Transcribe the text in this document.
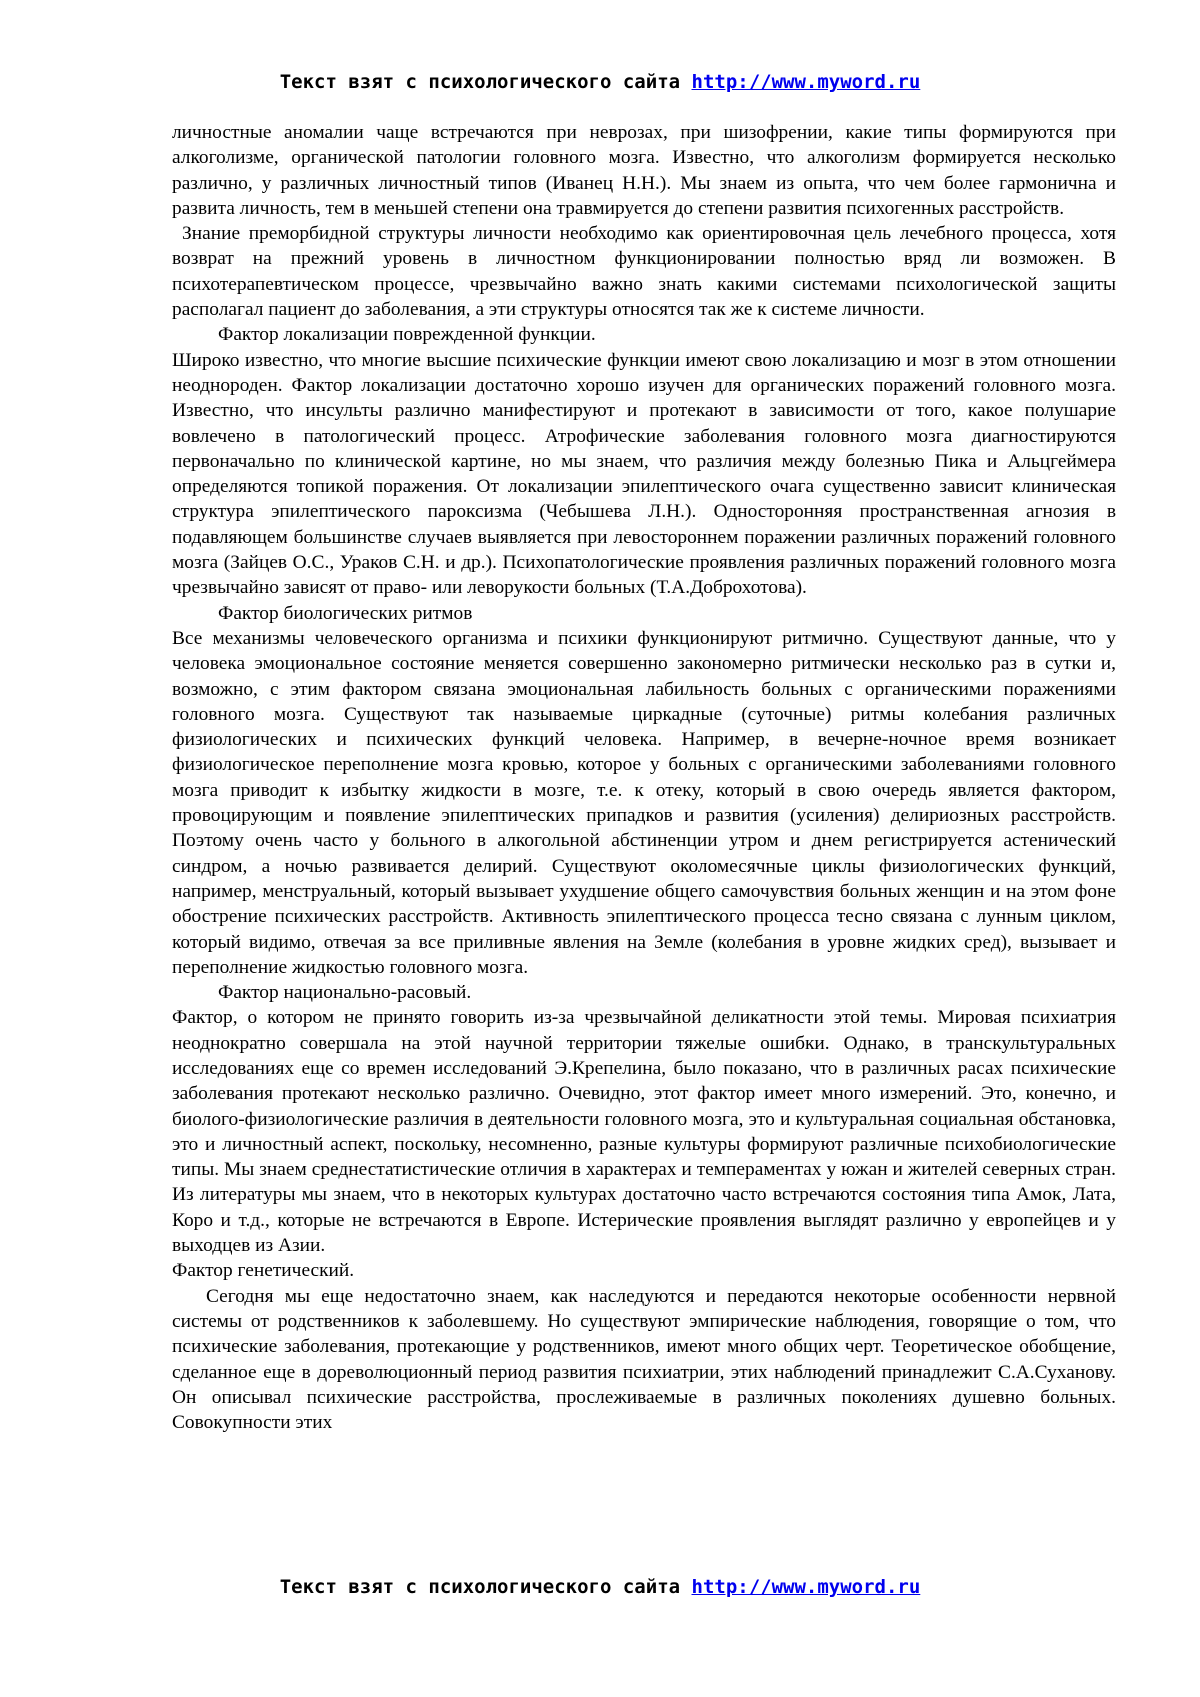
Текст взят с психологического сайта http://www.myword.ru

личностные аномалии чаще встречаются при неврозах, при шизофрении, какие типы формируются при алкоголизме, органической патологии головного мозга. Известно, что алкоголизм формируется несколько различно, у различных личностный типов (Иванец Н.Н.). Мы знаем из опыта, что чем более гармонична и развита личность, тем в меньшей степени она травмируется до степени развития психогенных расстройств.

Знание преморбидной структуры личности необходимо как ориентировочная цель лечебного процесса, хотя возврат на прежний уровень в личностном функционировании полностью вряд ли возможен. В психотерапевтическом процессе, чрезвычайно важно знать какими системами психологической защиты располагал пациент до заболевания, а эти структуры относятся так же к системе личности.

Фактор локализации поврежденной функции.

Широко известно, что многие высшие психические функции имеют свою локализацию и мозг в этом отношении неоднороден. Фактор локализации достаточно хорошо изучен для органических поражений головного мозга. Известно, что инсульты различно манифестируют и протекают в зависимости от того, какое полушарие вовлечено в патологический процесс. Атрофические заболевания головного мозга диагностируются первоначально по клинической картине, но мы знаем, что различия между болезнью Пика и Альцгеймера определяются топикой поражения. От локализации эпилептического очага существенно зависит клиническая структура эпилептического пароксизма (Чебышева Л.Н.). Односторонняя пространственная агнозия в подавляющем большинстве случаев выявляется при левостороннем поражении различных поражений головного мозга (Зайцев О.С., Ураков С.Н. и др.). Психопатологические проявления различных поражений головного мозга чрезвычайно зависят от право- или леворукости больных (Т.А.Доброхотова).

Фактор биологических ритмов

Все механизмы человеческого организма и психики функционируют ритмично. Существуют данные, что у человека эмоциональное состояние меняется совершенно закономерно ритмически несколько раз в сутки и, возможно, с этим фактором связана эмоциональная лабильность больных с органическими поражениями головного мозга. Существуют так называемые циркадные (суточные) ритмы колебания различных физиологических и психических функций человека. Например, в вечерне-ночное время возникает физиологическое переполнение мозга кровью, которое у больных с органическими заболеваниями головного мозга приводит к избытку жидкости в мозге, т.е. к отеку, который в свою очередь является фактором, провоцирующим и появление эпилептических припадков и развития (усиления) делириозных расстройств. Поэтому очень часто у больного в алкогольной абстиненции утром и днем регистрируется астенический синдром, а ночью развивается делирий. Существуют околомесячные циклы физиологических функций, например, менструальный, который вызывает ухудшение общего самочувствия больных женщин и на этом фоне обострение психических расстройств. Активность эпилептического процесса тесно связана с лунным циклом, который видимо, отвечая за все приливные явления на Земле (колебания в уровне жидких сред), вызывает и переполнение жидкостью головного мозга.

Фактор национально-расовый.

Фактор, о котором не принято говорить из-за чрезвычайной деликатности этой темы. Мировая психиатрия неоднократно совершала на этой научной территории тяжелые ошибки. Однако, в транскультуральных исследованиях еще со времен исследований Э.Крепелина, было показано, что в различных расах психические заболевания протекают несколько различно. Очевидно, этот фактор имеет много измерений. Это, конечно, и биолого-физиологические различия в деятельности головного мозга, это и культуральная социальная обстановка, это и личностный аспект, поскольку, несомненно, разные культуры формируют различные психобиологические типы. Мы знаем среднестатистические отличия в характерах и темпераментах у южан и жителей северных стран. Из литературы мы знаем, что в некоторых культурах достаточно часто встречаются состояния типа Амок, Лата, Коро и т.д., которые не встречаются в Европе. Истерические проявления выглядят различно у европейцев и у выходцев из Азии.

Фактор генетический.

Сегодня мы еще недостаточно знаем, как наследуются и передаются некоторые особенности нервной системы от родственников к заболевшему. Но существуют эмпирические наблюдения, говорящие о том, что психические заболевания, протекающие у родственников, имеют много общих черт. Теоретическое обобщение, сделанное еще в дореволюционный период развития психиатрии, этих наблюдений принадлежит С.А.Суханову. Он описывал психические расстройства, прослеживаемые в различных поколениях душевно больных. Совокупности этих

Текст взят с психологического сайта http://www.myword.ru
